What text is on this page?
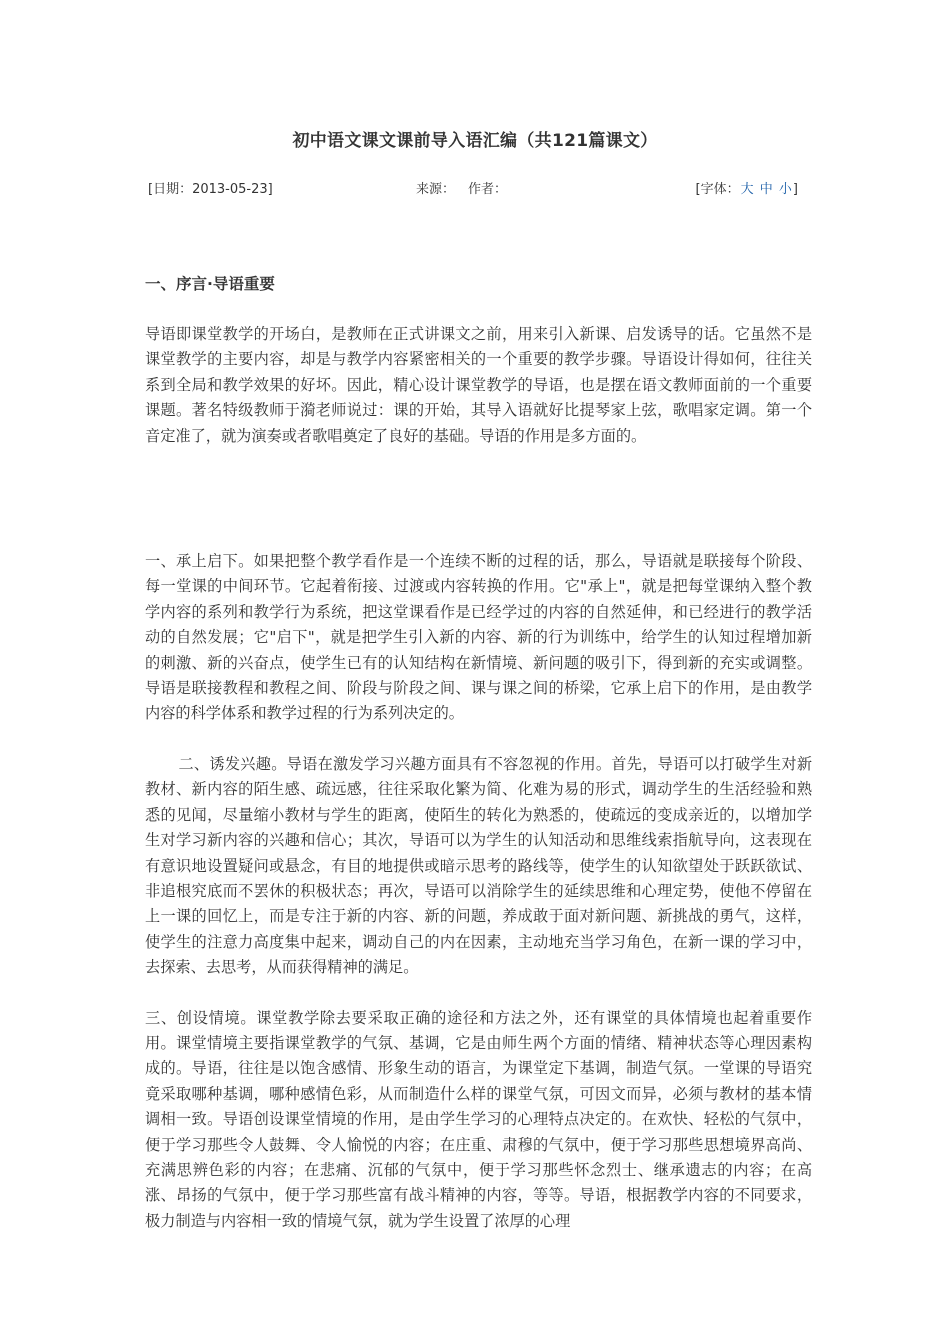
初中语文课文课前导入语汇编（共121篇课文）
[日期：2013-05-23]	来源： 作者：	[字体：大 中 小]
一、序言·导语重要

导语即课堂教学的开场白，是教师在正式讲课文之前，用来引入新课、启发诱导的话。它虽然不是课堂教学的主要内容，却是与教学内容紧密相关的一个重要的教学步骤。导语设计得如何，往往关系到全局和教学效果的好坏。因此，精心设计课堂教学的导语，也是摆在语文教师面前的一个重要课题。著名特级教师于漪老师说过：课的开始，其导入语就好比提琴家上弦，歌唱家定调。第一个音定准了，就为演奏或者歌唱奠定了良好的基础。导语的作用是多方面的。

一、承上启下。如果把整个教学看作是一个连续不断的过程的话，那么，导语就是联接每个阶段、每一堂课的中间环节。它起着衔接、过渡或内容转换的作用。它"承上"，就是把每堂课纳入整个教学内容的系列和教学行为系统，把这堂课看作是已经学过的内容的自然延伸，和已经进行的教学活动的自然发展；它"启下"，就是把学生引入新的内容、新的行为训练中，给学生的认知过程增加新的刺激、新的兴奋点，使学生已有的认知结构在新情境、新问题的吸引下，得到新的充实或调整。导语是联接教程和教程之间、阶段与阶段之间、课与课之间的桥梁，它承上启下的作用，是由教学内容的科学体系和教学过程的行为系列决定的。

二、诱发兴趣。导语在激发学习兴趣方面具有不容忽视的作用。首先，导语可以打破学生对新教材、新内容的陌生感、疏远感，往往采取化繁为简、化难为易的形式，调动学生的生活经验和熟悉的见闻，尽量缩小教材与学生的距离，使陌生的转化为熟悉的，使疏远的变成亲近的，以增加学生对学习新内容的兴趣和信心；其次，导语可以为学生的认知活动和思维线索指航导向，这表现在有意识地设置疑问或悬念，有目的地提供或暗示思考的路线等，使学生的认知欲望处于跃跃欲试、非追根究底而不罢休的积极状态；再次，导语可以消除学生的延续思维和心理定势，使他不停留在上一课的回忆上，而是专注于新的内容、新的问题，养成敢于面对新问题、新挑战的勇气，这样，使学生的注意力高度集中起来，调动自己的内在因素，主动地充当学习角色，在新一课的学习中，去探索、去思考，从而获得精神的满足。

三、创设情境。课堂教学除去要采取正确的途径和方法之外，还有课堂的具体情境也起着重要作用。课堂情境主要指课堂教学的气氛、基调，它是由师生两个方面的情绪、精神状态等心理因素构成的。导语，往往是以饱含感情、形象生动的语言，为课堂定下基调，制造气氛。一堂课的导语究竟采取哪种基调，哪种感情色彩，从而制造什么样的课堂气氛，可因文而异，必须与教材的基本情调相一致。导语创设课堂情境的作用，是由学生学习的心理特点决定的。在欢快、轻松的气氛中，便于学习那些令人鼓舞、令人愉悦的内容；在庄重、肃穆的气氛中，便于学习那些思想境界高尚、充满思辨色彩的内容；在悲痛、沉郁的气氛中，便于学习那些怀念烈士、继承遗志的内容；在高涨、昂扬的气氛中，便于学习那些富有战斗精神的内容，等等。导语，根据教学内容的不同要求，极力制造与内容相一致的情境气氛，就为学生设置了浓厚的心理
